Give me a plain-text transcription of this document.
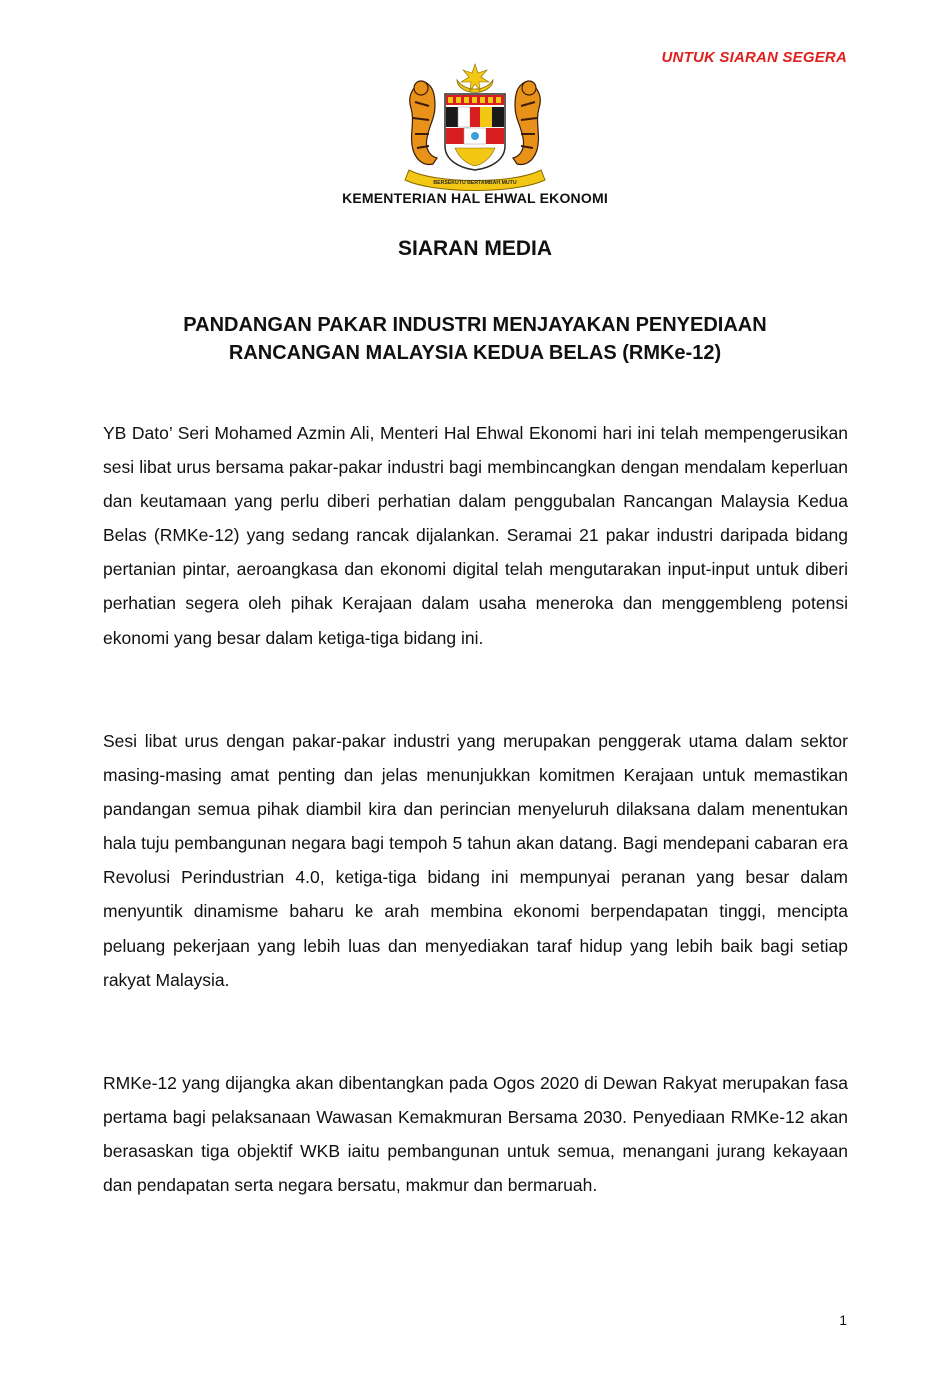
UNTUK SIARAN SEGERA
BERSEKUTU BERTAMBAH MUTU
KEMENTERIAN HAL EHWAL EKONOMI
SIARAN MEDIA
PANDANGAN PAKAR INDUSTRI MENJAYAKAN PENYEDIAAN
RANCANGAN MALAYSIA KEDUA BELAS (RMKe-12)

YB Dato’ Seri Mohamed Azmin Ali, Menteri Hal Ehwal Ekonomi hari ini telah mempengerusikan sesi libat urus bersama pakar-pakar industri bagi membincangkan dengan mendalam keperluan dan keutamaan yang perlu diberi perhatian dalam penggubalan Rancangan Malaysia Kedua Belas (RMKe-12) yang sedang rancak dijalankan. Seramai 21 pakar industri daripada bidang pertanian pintar, aeroangkasa dan ekonomi digital telah mengutarakan input-input untuk diberi perhatian segera oleh pihak Kerajaan dalam usaha meneroka dan menggembleng potensi ekonomi yang besar dalam ketiga-tiga bidang ini.

Sesi libat urus dengan pakar-pakar industri yang merupakan penggerak utama dalam sektor masing-masing amat penting dan jelas menunjukkan komitmen Kerajaan untuk memastikan pandangan semua pihak diambil kira dan perincian menyeluruh dilaksana dalam menentukan hala tuju pembangunan negara bagi tempoh 5 tahun akan datang. Bagi mendepani cabaran era Revolusi Perindustrian 4.0, ketiga-tiga bidang ini mempunyai peranan yang besar dalam menyuntik dinamisme baharu ke arah membina ekonomi berpendapatan tinggi, mencipta peluang pekerjaan yang lebih luas dan menyediakan taraf hidup yang lebih baik bagi setiap rakyat Malaysia.

RMKe-12 yang dijangka akan dibentangkan pada Ogos 2020 di Dewan Rakyat merupakan fasa pertama bagi pelaksanaan Wawasan Kemakmuran Bersama 2030. Penyediaan RMKe-12 akan berasaskan tiga objektif WKB iaitu pembangunan untuk semua, menangani jurang kekayaan dan pendapatan serta negara bersatu, makmur dan bermaruah.

1
